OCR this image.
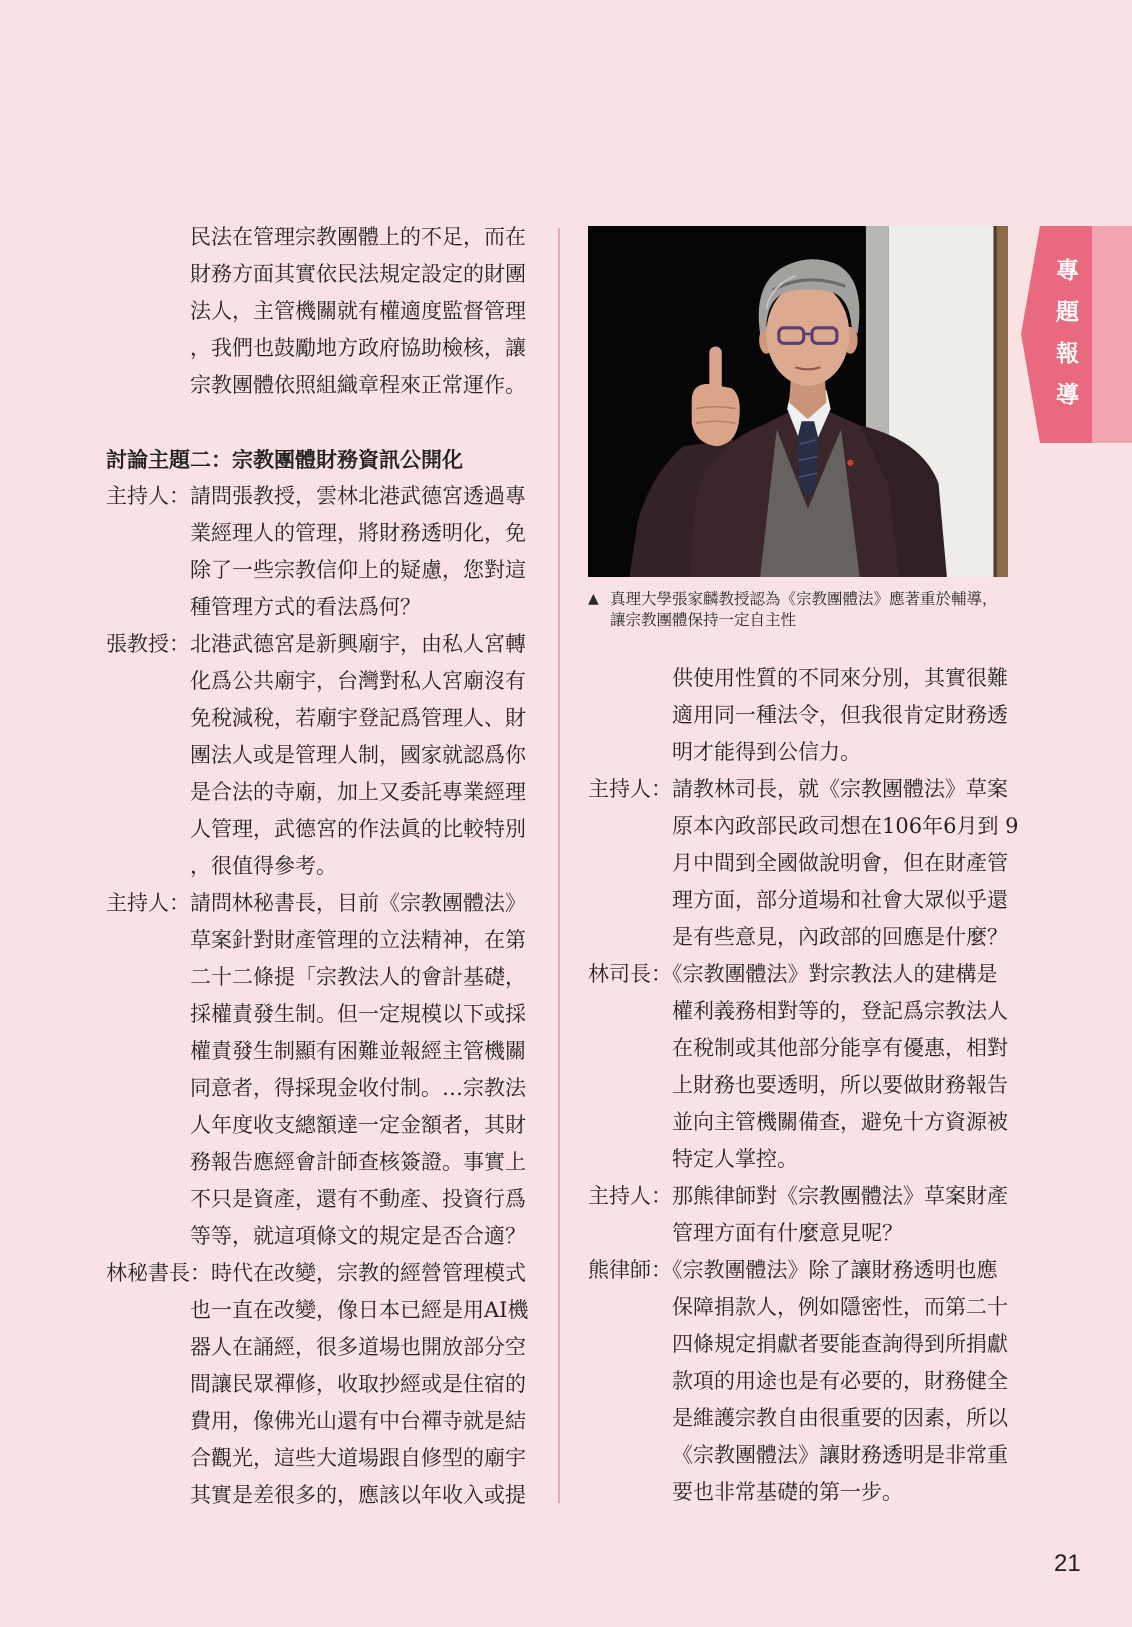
專題報導
民法在管理宗教團體上的不足，而在
財務方面其實依民法規定設定的財團
法人，主管機關就有權適度監督管理
，我們也鼓勵地方政府協助檢核，讓
宗教團體依照組織章程來正常運作。
討論主題二：宗教團體財務資訊公開化
主持人：請問張教授，雲林北港武德宮透過專
業經理人的管理，將財務透明化，免
除了一些宗教信仰上的疑慮，您對這
種管理方式的看法爲何？
張教授：北港武德宮是新興廟宇，由私人宮轉
化爲公共廟宇，台灣對私人宮廟沒有
免稅減稅，若廟宇登記爲管理人、財
團法人或是管理人制，國家就認爲你
是合法的寺廟，加上又委託專業經理
人管理，武德宮的作法眞的比較特別
，很值得參考。
主持人：請問林秘書長，目前《宗教團體法》
草案針對財產管理的立法精神，在第
二十二條提「宗教法人的會計基礎，
採權責發生制。但一定規模以下或採
權責發生制顯有困難並報經主管機關
同意者，得採現金收付制。…宗教法
人年度收支總額達一定金額者，其財
務報告應經會計師查核簽證。事實上
不只是資產，還有不動產、投資行爲
等等，就這項條文的規定是否合適？
林秘書長：時代在改變，宗教的經營管理模式
也一直在改變，像日本已經是用AI機
器人在誦經，很多道場也開放部分空
間讓民眾禪修，收取抄經或是住宿的
費用，像佛光山還有中台禪寺就是結
合觀光，這些大道場跟自修型的廟宇
其實是差很多的，應該以年收入或提
▲ 真理大學張家麟教授認為《宗教團體法》應著重於輔導，
讓宗教團體保持一定自主性
供使用性質的不同來分別，其實很難
適用同一種法令，但我很肯定財務透
明才能得到公信力。
主持人：請教林司長，就《宗教團體法》草案
原本內政部民政司想在106年6月到 9
月中間到全國做說明會，但在財產管
理方面，部分道場和社會大眾似乎還
是有些意見，內政部的回應是什麼？
林司長：《宗教團體法》對宗教法人的建構是
權利義務相對等的，登記爲宗教法人
在稅制或其他部分能享有優惠，相對
上財務也要透明，所以要做財務報告
並向主管機關備查，避免十方資源被
特定人掌控。
主持人：那熊律師對《宗教團體法》草案財產
管理方面有什麼意見呢？
熊律師：《宗教團體法》除了讓財務透明也應
保障捐款人，例如隱密性，而第二十
四條規定捐獻者要能查詢得到所捐獻
款項的用途也是有必要的，財務健全
是維護宗教自由很重要的因素，所以
《宗教團體法》讓財務透明是非常重
要也非常基礎的第一步。
21
